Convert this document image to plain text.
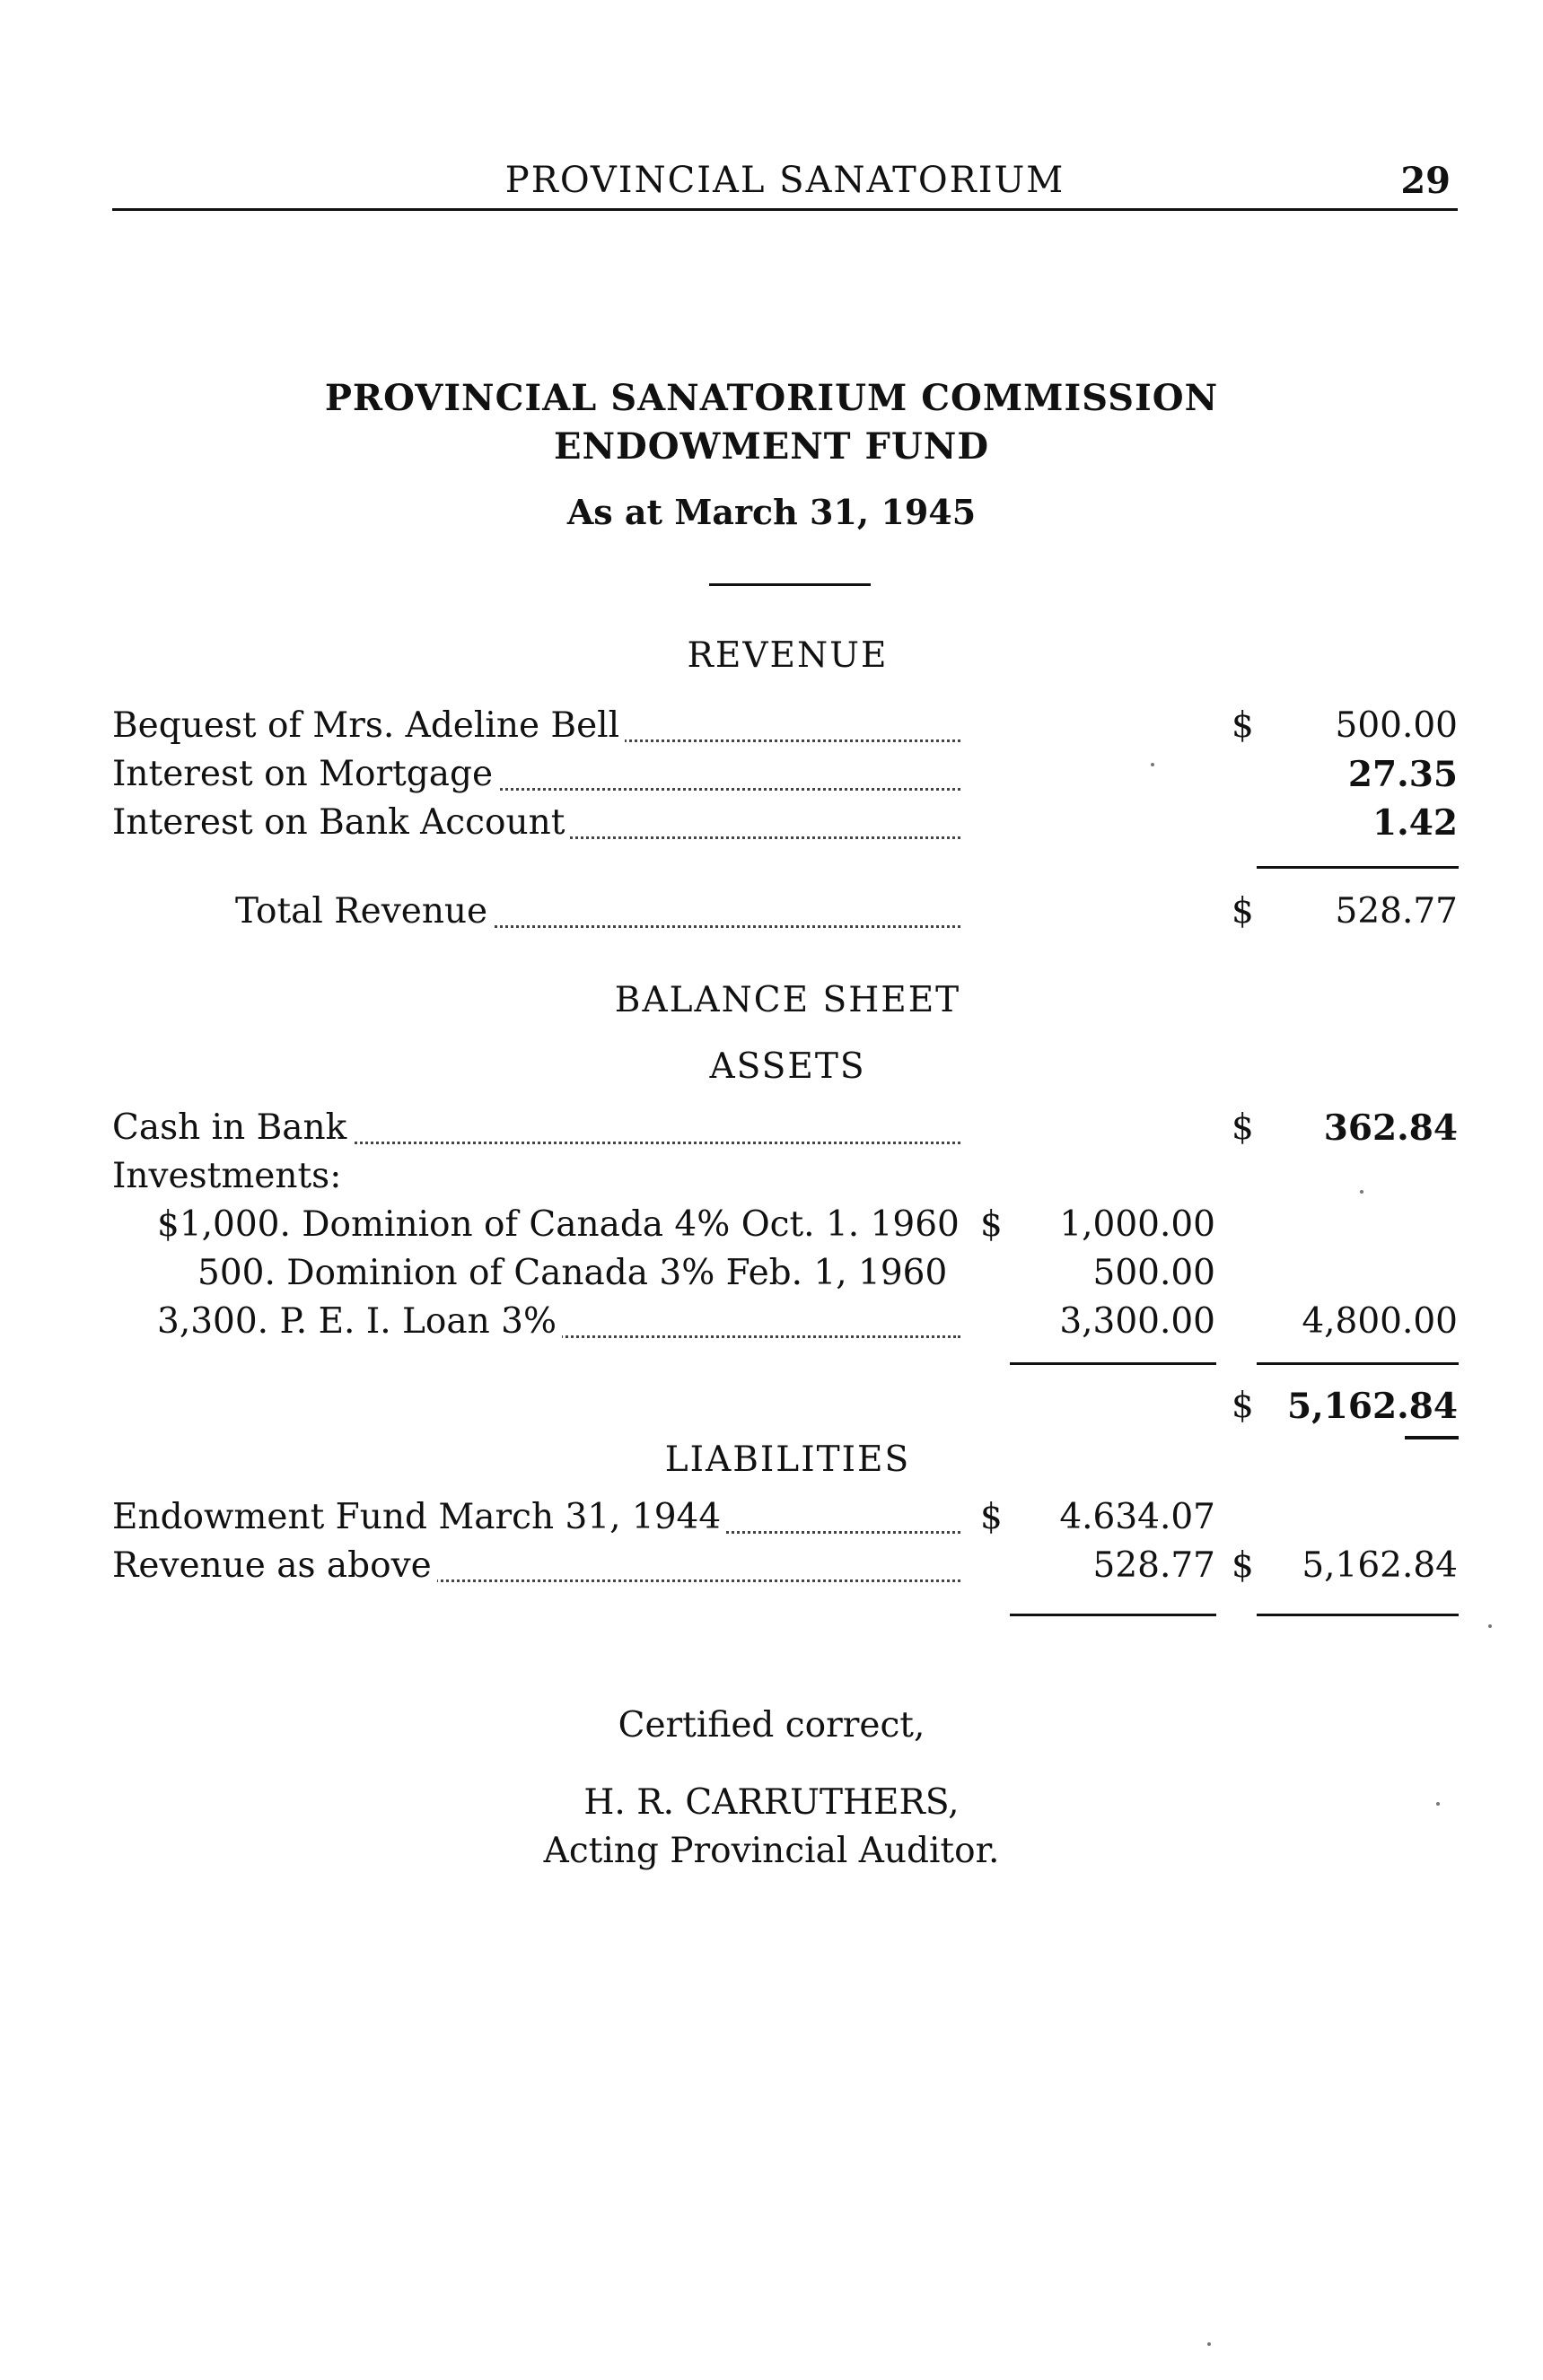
PROVINCIAL SANATORIUM	29
PROVINCIAL SANATORIUM COMMISSION
ENDOWMENT FUND
As at March 31, 1945
REVENUE
Bequest of Mrs. Adeline Bell	$ 500.00
Interest on Mortgage	27.35
Interest on Bank Account	1.42
Total Revenue	$ 528.77
BALANCE SHEET
ASSETS
Cash in Bank	$ 362.84
Investments:
$1,000. Dominion of Canada 4% Oct. 1. 1960 $ 1,000.00
500. Dominion of Canada 3% Feb. 1, 1960	500.00
3,300. P. E. I. Loan 3%	3,300.00 4,800.00
$ 5,162.84
LIABILITIES
Endowment Fund March 31, 1944	$ 4.634.07
Revenue as above	528.77 $ 5,162.84
Certified correct,
H. R. CARRUTHERS,
Acting Provincial Auditor.
